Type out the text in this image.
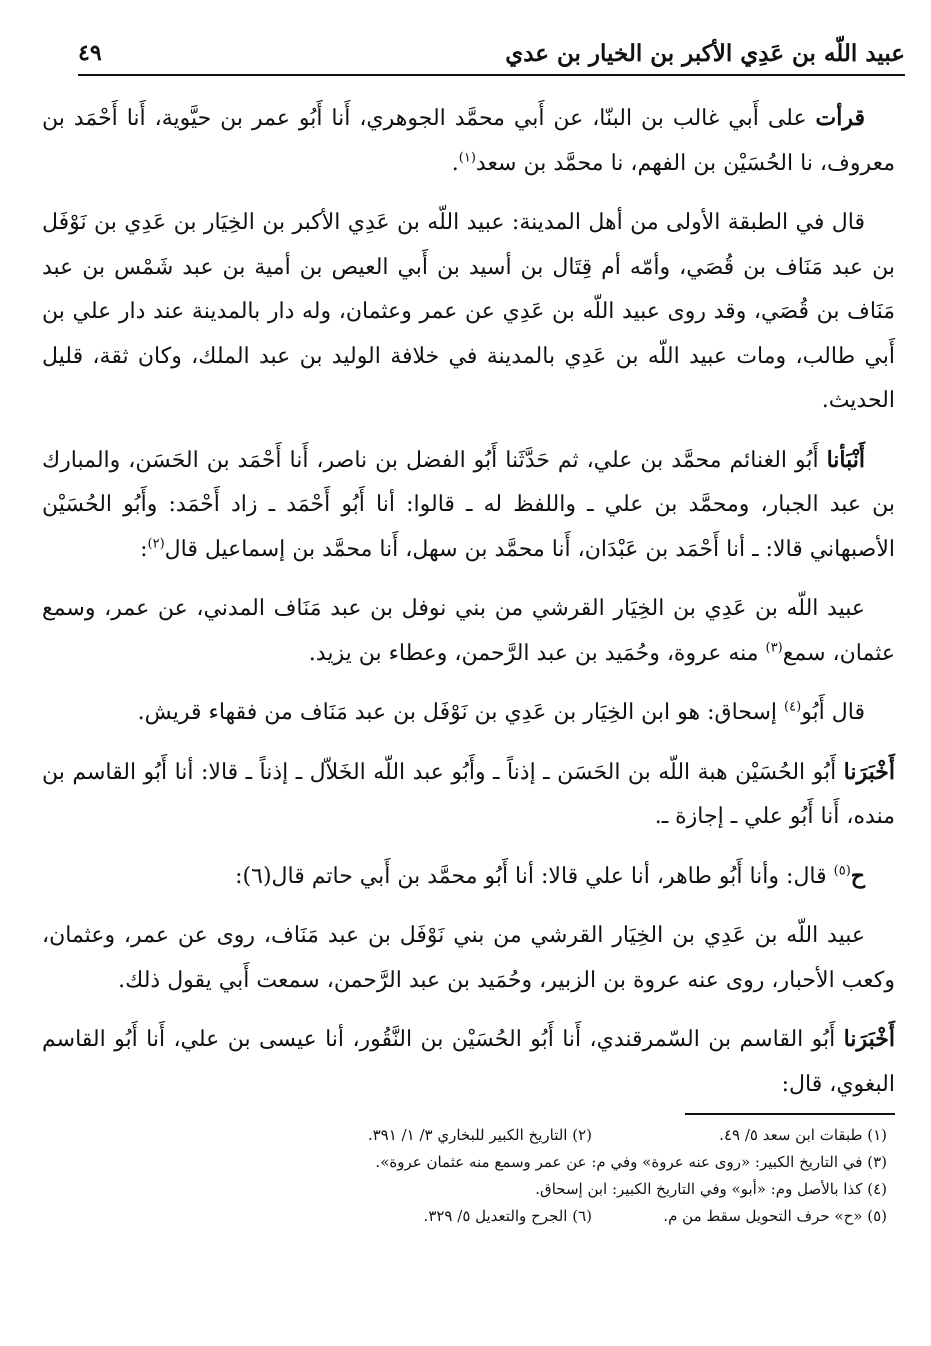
عبيد اللّه بن عَدِي الأكبر بن الخيار بن عدي
٤٩

قرأت على أَبي غالب بن البنّا، عن أَبي محمَّد الجوهري، أَنا أَبُو عمر بن حيَّوية، أَنا أَحْمَد بن معروف، نا الحُسَيْن بن الفهم، نا محمَّد بن سعد$^{(١)}$.

قال في الطبقة الأولى من أهل المدينة: عبيد اللّه بن عَدِي الأكبر بن الخِيَار بن عَدِي بن نَوْفَل بن عبد مَنَاف بن قُصَي، وأمّه أم قِتَال بن أسيد بن أَبي العيص بن أمية بن عبد شَمْس بن عبد مَنَاف بن قُصَي، وقد روى عبيد اللّه بن عَدِي عن عمر وعثمان، وله دار بالمدينة عند دار علي بن أَبي طالب، ومات عبيد اللّه بن عَدِي بالمدينة في خلافة الوليد بن عبد الملك، وكان ثقة، قليل الحديث.

أَنْبَأنا أَبُو الغنائم محمَّد بن علي، ثم حَدَّثَنا أَبُو الفضل بن ناصر، أَنا أَحْمَد بن الحَسَن، والمبارك بن عبد الجبار، ومحمَّد بن علي ـ واللفظ له ـ قالوا: أنا أَبُو أَحْمَد ـ زاد أَحْمَد: وأَبُو الحُسَيْن الأصبهاني قالا: ـ أنا أَحْمَد بن عَبْدَان، أَنا محمَّد بن سهل، أَنا محمَّد بن إسماعيل قال$^{(٢)}$:

عبيد اللّه بن عَدِي بن الخِيَار القرشي من بني نوفل بن عبد مَنَاف المدني، عن عمر، وسمع عثمان، سمع$^{(٣)}$ منه عروة، وحُمَيد بن عبد الرَّحمن، وعطاء بن يزيد.

قال أَبُو$^{(٤)}$ إسحاق: هو ابن الخِيَار بن عَدِي بن نَوْفَل بن عبد مَنَاف من فقهاء قريش.

أَخْبَرَنا أَبُو الحُسَيْن هبة اللّه بن الحَسَن ـ إذناً ـ وأَبُو عبد اللّه الخَلاّل ـ إذناً ـ قالا: أنا أَبُو القاسم بن منده، أَنا أَبُو علي ـ إجازة ـ.

ح$^{(٥)}$ قال: وأنا أَبُو طاهر، أنا علي قالا: أنا أَبُو محمَّد بن أَبي حاتم قال(٦):

عبيد اللّه بن عَدِي بن الخِيَار القرشي من بني نَوْفَل بن عبد مَنَاف، روى عن عمر، وعثمان، وكعب الأحبار، روى عنه عروة بن الزبير، وحُمَيد بن عبد الرَّحمن، سمعت أَبي يقول ذلك.

أَخْبَرَنا أَبُو القاسم بن السّمرقندي، أَنا أَبُو الحُسَيْن بن النَّقُور، أنا عيسى بن علي، أَنا أَبُو القاسم البغوي، قال:

(١) طبقات ابن سعد ٥/ ٤٩.
(٢) التاريخ الكبير للبخاري ٣/ ١/ ٣٩١.
(٣) في التاريخ الكبير: «روى عنه عروة» وفي م: عن عمر وسمع منه عثمان عروة».
(٤) كذا بالأصل وم: «أبو» وفي التاريخ الكبير: ابن إسحاق.
(٥) «ح» حرف التحويل سقط من م.
(٦) الجرح والتعديل ٥/ ٣٢٩.
